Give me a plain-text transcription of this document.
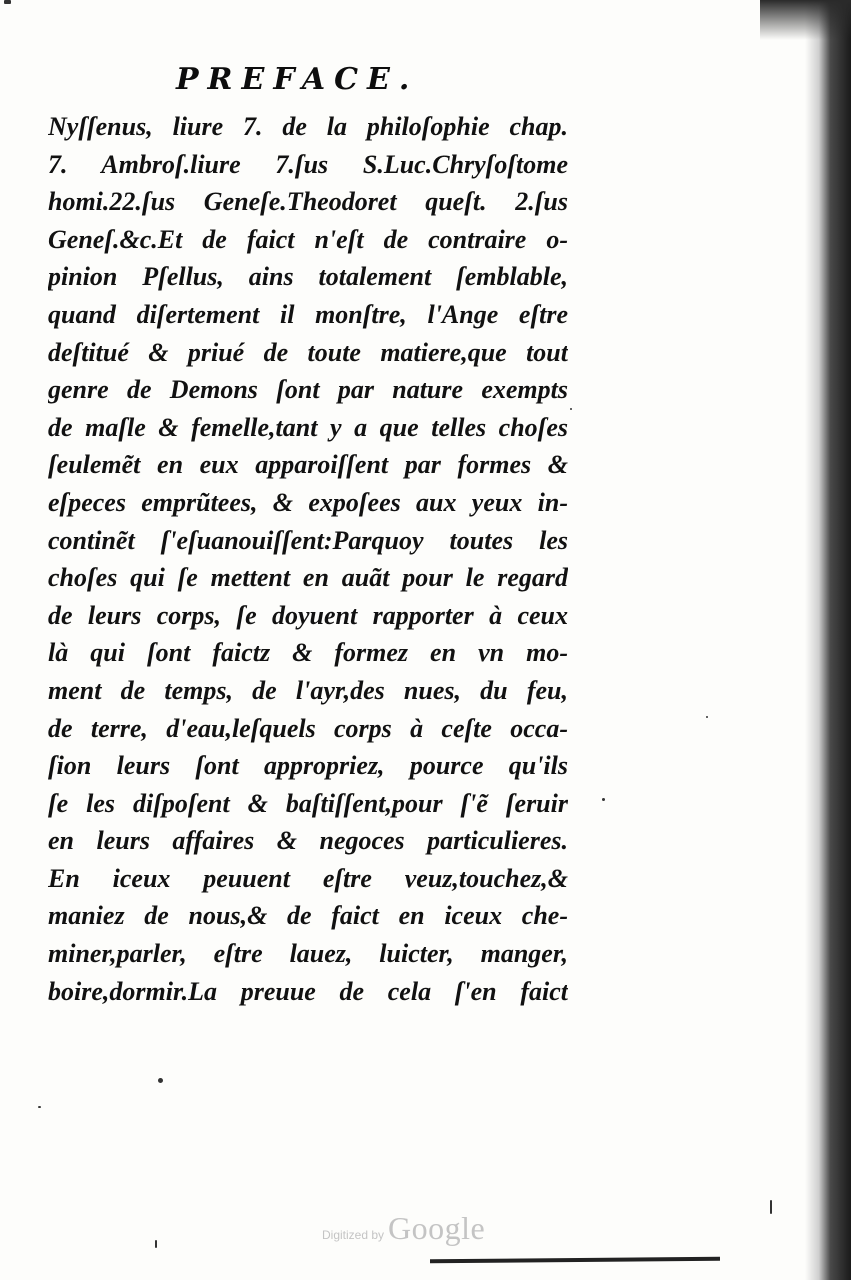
PREFACE.
Nyſſenus, liure 7. de la philoſophie chap.
7. Ambroſ.liure 7.ſus S.Luc.Chryſoſtome
homi.22.ſus Geneſe.Theodoret queſt. 2.ſus
Geneſ.&c.Et de faict n'eſt de contraire o-
pinion Pſellus, ains totalement ſemblable,
quand diſertement il monſtre, l'Ange eſtre
deſtitué & priué de toute matiere,que tout
genre de Demons ſont par nature exempts
de maſle & femelle,tant y a que telles choſes
ſeulemẽt en eux apparoiſſent par formes &
eſpeces emprũtees, & expoſees aux yeux in-
continẽt ſ'eſuanouiſſent:Parquoy toutes les
choſes qui ſe mettent en auãt pour le regard
de leurs corps, ſe doyuent rapporter à ceux
là qui ſont faictz & formez en vn mo-
ment de temps, de l'ayr,des nues, du feu,
de terre, d'eau,leſquels corps à ceſte occa-
ſion leurs ſont appropriez, pource qu'ils
ſe les diſpoſent & baſtiſſent,pour ſ'ẽ ſeruir
en leurs affaires & negoces particulieres.
En iceux peuuent eſtre veuz,touchez,&
maniez de nous,& de faict en iceux che-
miner,parler, eſtre lauez, luicter, manger,
boire,dormir.La preuue de cela ſ'en faict
Digitized by Google
